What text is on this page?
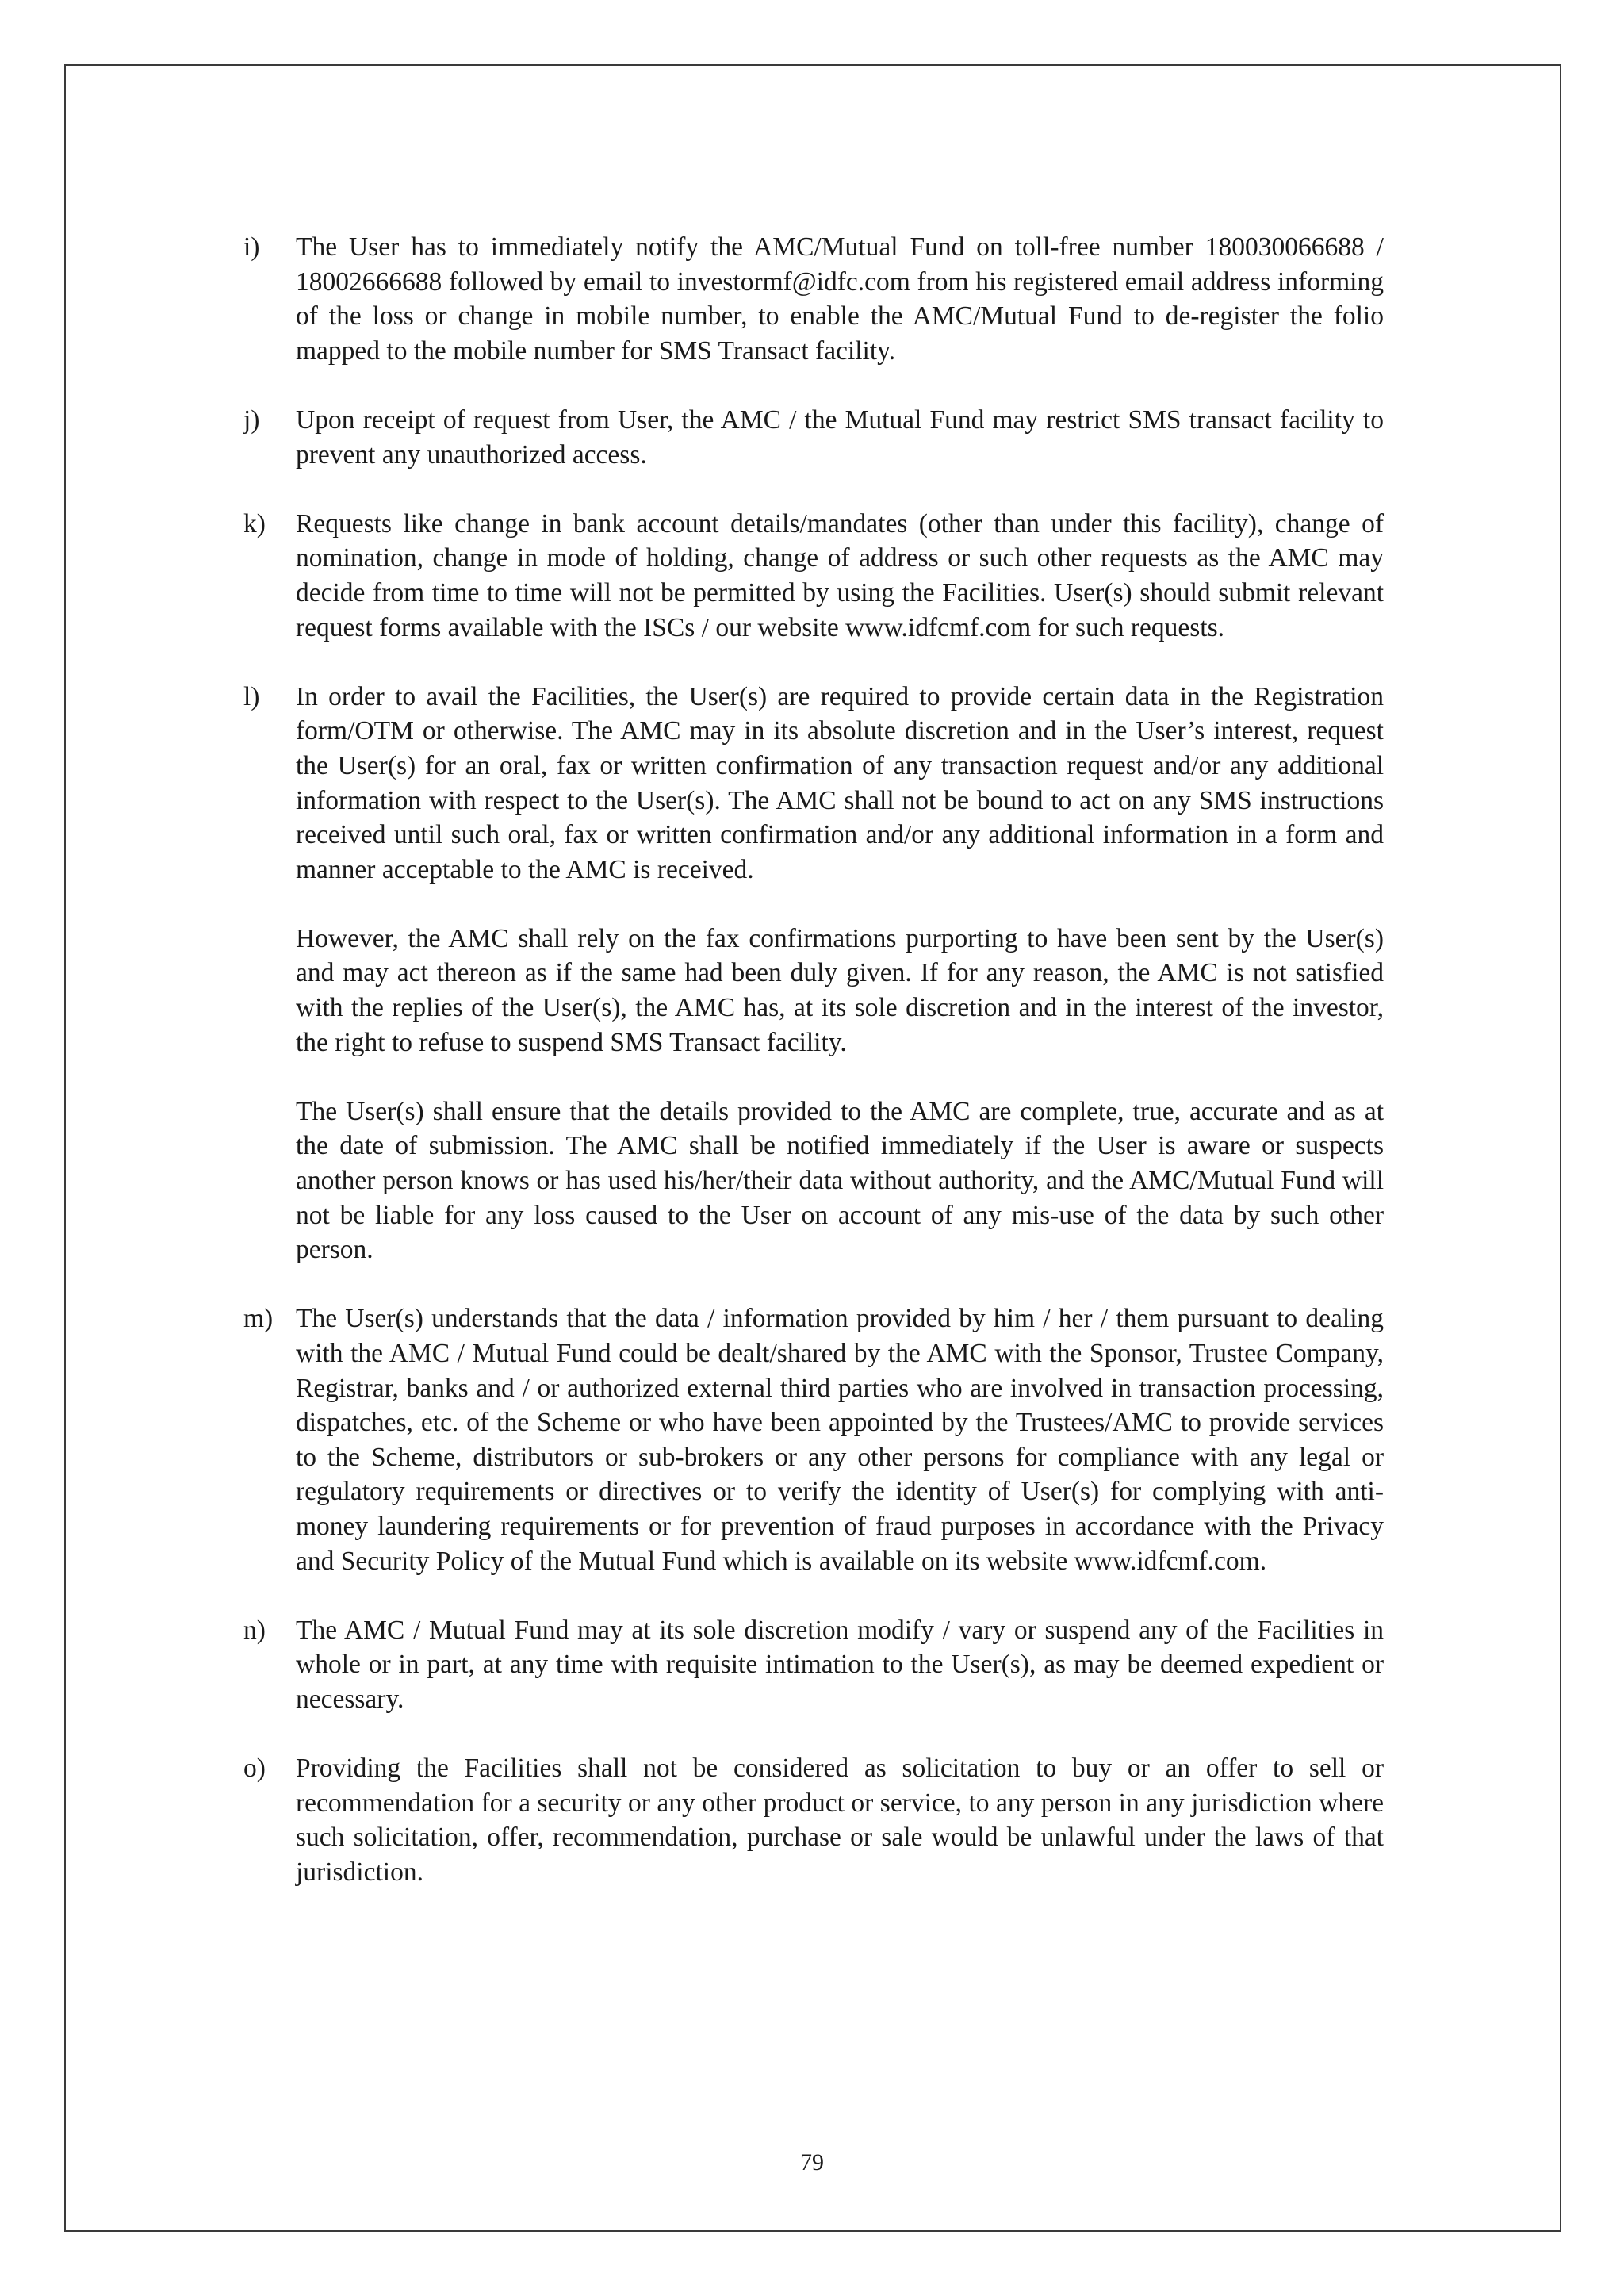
i)	The User has to immediately notify the AMC/Mutual Fund on toll-free number 180030066688 / 18002666688 followed by email to investormf@idfc.com from his registered email address informing of the loss or change in mobile number, to enable the AMC/Mutual Fund to de-register the folio mapped to the mobile number for SMS Transact facility.

j)	Upon receipt of request from User, the AMC / the Mutual Fund may restrict SMS transact facility to prevent any unauthorized access.

k)	Requests like change in bank account details/mandates (other than under this facility), change of nomination, change in mode of holding, change of address or such other requests as the AMC may decide from time to time will not be permitted by using the Facilities. User(s) should submit relevant request forms available with the ISCs / our website www.idfcmf.com for such requests.

l)	In order to avail the Facilities, the User(s) are required to provide certain data in the Registration form/OTM or otherwise. The AMC may in its absolute discretion and in the User’s interest, request the User(s) for an oral, fax or written confirmation of any transaction request and/or any additional information with respect to the User(s). The AMC shall not be bound to act on any SMS instructions received until such oral, fax or written confirmation and/or any additional information in a form and manner acceptable to the AMC is received.

However, the AMC shall rely on the fax confirmations purporting to have been sent by the User(s) and may act thereon as if the same had been duly given. If for any reason, the AMC is not satisfied with the replies of the User(s), the AMC has, at its sole discretion and in the interest of the investor, the right to refuse to suspend SMS Transact facility.

The User(s) shall ensure that the details provided to the AMC are complete, true, accurate and as at the date of submission. The AMC shall be notified immediately if the User is aware or suspects another person knows or has used his/her/their data without authority, and the AMC/Mutual Fund will not be liable for any loss caused to the User on account of any mis-use of the data by such other person.

m) The User(s) understands that the data / information provided by him / her / them pursuant to dealing with the AMC / Mutual Fund could be dealt/shared by the AMC with the Sponsor, Trustee Company, Registrar, banks and / or authorized external third parties who are involved in transaction processing, dispatches, etc. of the Scheme or who have been appointed by the Trustees/AMC to provide services to the Scheme, distributors or sub-brokers or any other persons for compliance with any legal or regulatory requirements or directives or to verify the identity of User(s) for complying with anti-money laundering requirements or for prevention of fraud purposes in accordance with the Privacy and Security Policy of the Mutual Fund which is available on its website www.idfcmf.com.

n)	The AMC / Mutual Fund may at its sole discretion modify / vary or suspend any of the Facilities in whole or in part, at any time with requisite intimation to the User(s), as may be deemed expedient or necessary.

o)	Providing the Facilities shall not be considered as solicitation to buy or an offer to sell or recommendation for a security or any other product or service, to any person in any jurisdiction where such solicitation, offer, recommendation, purchase or sale would be unlawful under the laws of that jurisdiction.

79
